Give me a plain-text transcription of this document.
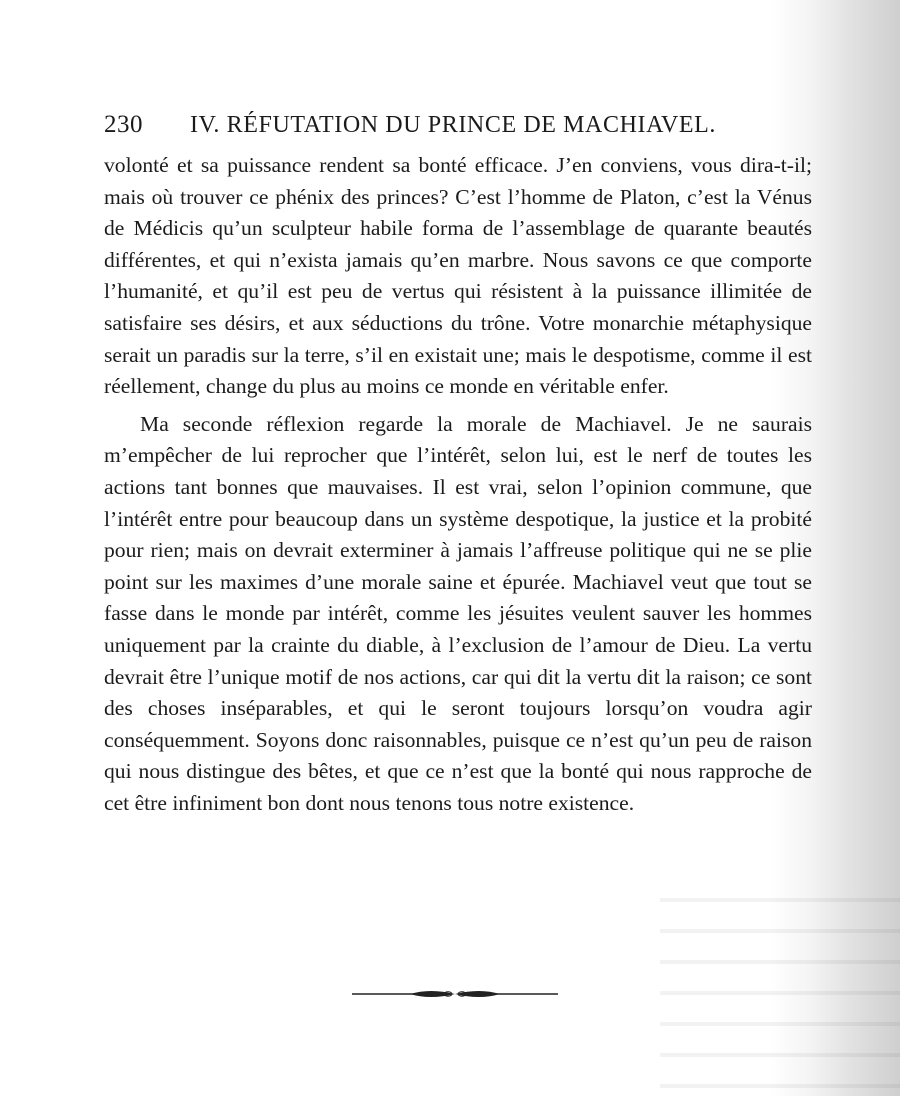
230 IV. RÉFUTATION DU PRINCE DE MACHIAVEL.

volonté et sa puissance rendent sa bonté efficace. J’en conviens, vous dira-t-il; mais où trouver ce phénix des princes? C’est l’homme de Platon, c’est la Vénus de Médicis qu’un sculpteur habile forma de l’assemblage de quarante beautés différentes, et qui n’exista jamais qu’en marbre. Nous savons ce que comporte l’humanité, et qu’il est peu de vertus qui résistent à la puissance illimitée de satisfaire ses désirs, et aux séductions du trône. Votre monarchie métaphysique serait un paradis sur la terre, s’il en existait une; mais le despotisme, comme il est réellement, change du plus au moins ce monde en véritable enfer.

Ma seconde réflexion regarde la morale de Machiavel. Je ne saurais m’empêcher de lui reprocher que l’intérêt, selon lui, est le nerf de toutes les actions tant bonnes que mauvaises. Il est vrai, selon l’opinion commune, que l’intérêt entre pour beaucoup dans un système despotique, la justice et la probité pour rien; mais on devrait exterminer à jamais l’affreuse politique qui ne se plie point sur les maximes d’une morale saine et épurée. Machiavel veut que tout se fasse dans le monde par intérêt, comme les jésuites veulent sauver les hommes uniquement par la crainte du diable, à l’exclusion de l’amour de Dieu. La vertu devrait être l’unique motif de nos actions, car qui dit la vertu dit la raison; ce sont des choses inséparables, et qui le seront toujours lorsqu’on voudra agir conséquemment. Soyons donc raisonnables, puisque ce n’est qu’un peu de raison qui nous distingue des bêtes, et que ce n’est que la bonté qui nous rapproche de cet être infiniment bon dont nous tenons tous notre existence.
